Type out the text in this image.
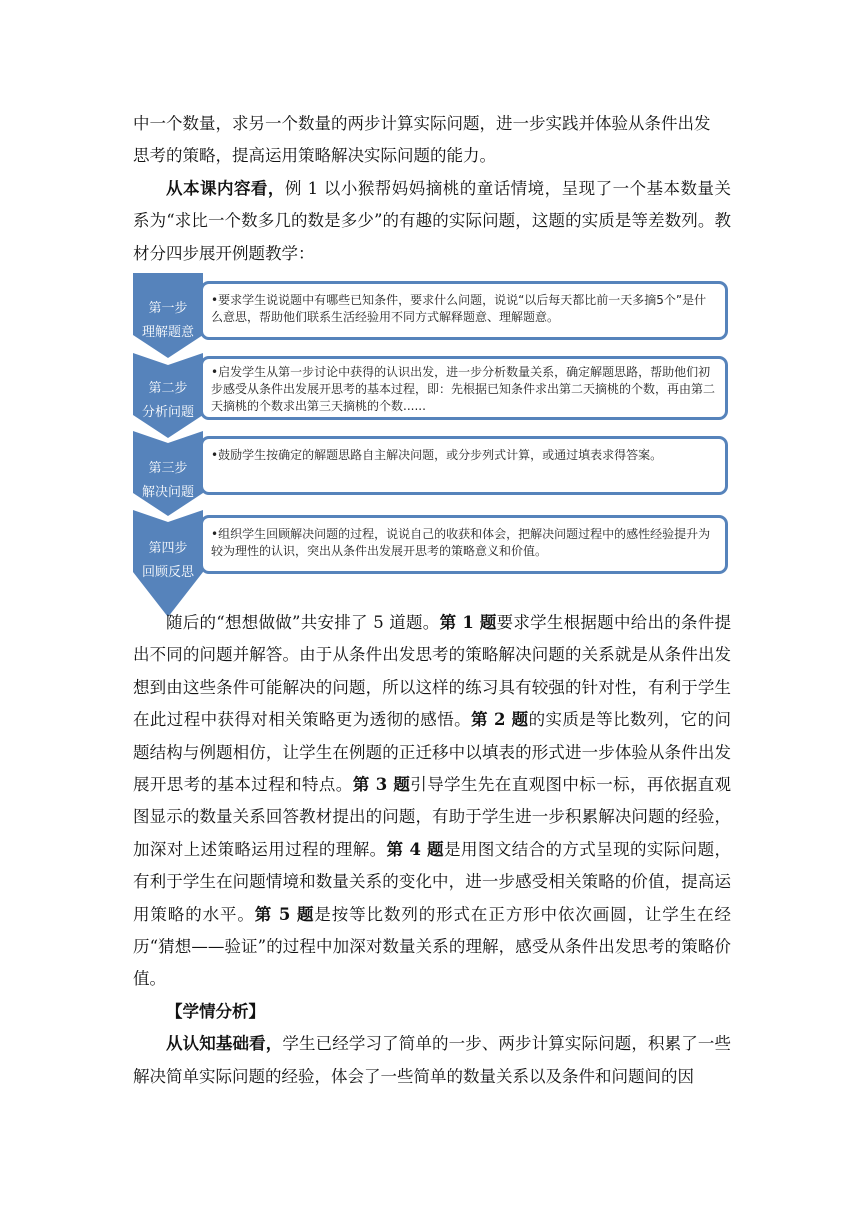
中一个数量，求另一个数量的两步计算实际问题，进一步实践并体验从条件出发

思考的策略，提高运用策略解决实际问题的能力。

从本课内容看，例 1 以小猴帮妈妈摘桃的童话情境，呈现了一个基本数量关系为“求比一个数多几的数是多少”的有趣的实际问题，这题的实质是等差数列。教材分四步展开例题教学：

第一步
理解题意
•要求学生说说题中有哪些已知条件，要求什么问题，说说“以后每天都比前一天多摘5个”是什么意思，帮助他们联系生活经验用不同方式解释题意、理解题意。
第二步
分析问题
•启发学生从第一步讨论中获得的认识出发，进一步分析数量关系，确定解题思路，帮助他们初步感受从条件出发展开思考的基本过程，即：先根据已知条件求出第二天摘桃的个数，再由第二天摘桃的个数求出第三天摘桃的个数......
第三步
解决问题
•鼓励学生按确定的解题思路自主解决问题，或分步列式计算，或通过填表求得答案。
第四步
回顾反思
•组织学生回顾解决问题的过程，说说自己的收获和体会，把解决问题过程中的感性经验提升为较为理性的认识，突出从条件出发展开思考的策略意义和价值。

随后的“想想做做”共安排了 5 道题。第 1 题要求学生根据题中给出的条件提出不同的问题并解答。由于从条件出发思考的策略解决问题的关系就是从条件出发想到由这些条件可能解决的问题，所以这样的练习具有较强的针对性，有利于学生在此过程中获得对相关策略更为透彻的感悟。第 2 题的实质是等比数列，它的问题结构与例题相仿，让学生在例题的正迁移中以填表的形式进一步体验从条件出发展开思考的基本过程和特点。第 3 题引导学生先在直观图中标一标，再依据直观图显示的数量关系回答教材提出的问题，有助于学生进一步积累解决问题的经验，加深对上述策略运用过程的理解。第 4 题是用图文结合的方式呈现的实际问题，有利于学生在问题情境和数量关系的变化中，进一步感受相关策略的价值，提高运用策略的水平。第 5 题是按等比数列的形式在正方形中依次画圆，让学生在经历“猜想——验证”的过程中加深对数量关系的理解，感受从条件出发思考的策略价值。

【学情分析】

从认知基础看，学生已经学习了简单的一步、两步计算实际问题，积累了一些解决简单实际问题的经验，体会了一些简单的数量关系以及条件和问题间的因
